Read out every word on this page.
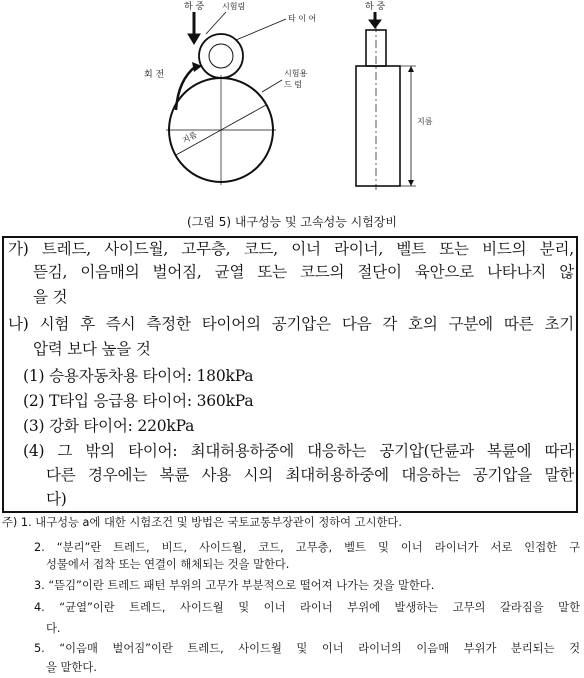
하 중 시험림
타 이 어
회 전
지름
시험용 드 럼
하 중
지름
(그림 5) 내구성능 및 고속성능 시험장비
가) 트레드, 사이드월, 고무층, 코드, 이너 라이너, 벨트 또는 비드의 분리,
뜯김, 이음매의 벌어짐, 균열 또는 코드의 절단이 육안으로 나타나지 않
을 것
나) 시험 후 즉시 측정한 타이어의 공기압은 다음 각 호의 구분에 따른 초기
압력 보다 높을 것
(1) 승용자동차용 타이어: 180kPa
(2) T타입 응급용 타이어: 360kPa
(3) 강화 타이어: 220kPa
(4) 그 밖의 타이어: 최대허용하중에 대응하는 공기압(단륜과 복륜에 따라
다른 경우에는 복륜 사용 시의 최대허용하중에 대응하는 공기압을 말한
다)
주) 1. 내구성능 a에 대한 시험조건 및 방법은 국토교통부장관이 정하여 고시한다.
2. “분리”란 트레드, 비드, 사이드월, 코드, 고무층, 벨트 및 이너 라이너가 서로 인접한 구
성물에서 접착 또는 연결이 해체되는 것을 말한다.
3. “뜯김”이란 트레드 패턴 부위의 고무가 부분적으로 떨어져 나가는 것을 말한다.
4. “균열”이란 트레드, 사이드월 및 이너 라이너 부위에 발생하는 고무의 갈라짐을 말한
다.
5. “이음매 벌어짐”이란 트레드, 사이드월 및 이너 라이너의 이음매 부위가 분리되는 것
을 말한다.
